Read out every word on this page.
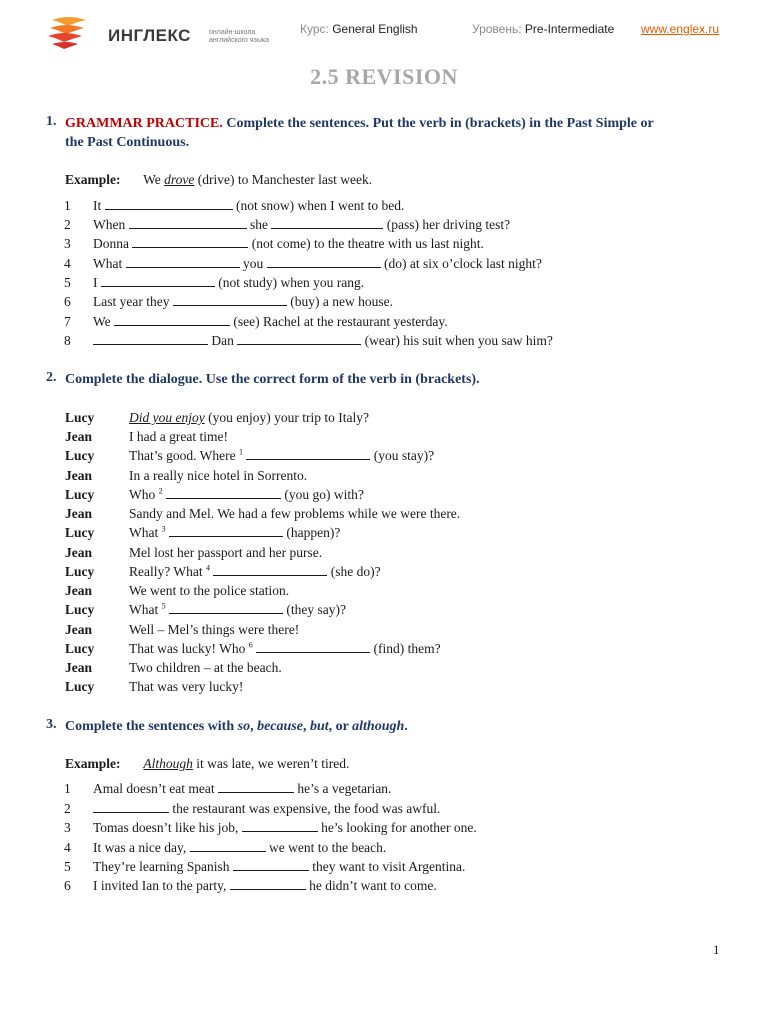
ИНГЛЕКС	онлайн-школа английского языка
Курс: General English	Уровень: Pre-Intermediate www.englex.ru
2.5 REVISION
1. GRAMMAR PRACTICE. Complete the sentences. Put the verb in (brackets) in the Past Simple or
the Past Continuous.
Example: We drove (drive) to Manchester last week.
1 It	(not snow) when I went to bed.
2 When	she	(pass) her driving test?
3 Donna	(not come) to the theatre with us last night.
4 What	you	(do) at six o’clock last night?
5 I	(not study) when you rang.
6 Last year they	(buy) a new house.
7 We	(see) Rachel at the restaurant yesterday.
8	Dan	(wear) his suit when you saw him?
2. Complete the dialogue. Use the correct form of the verb in (brackets).
Lucy	Did you enjoy (you enjoy) your trip to Italy?
Jean	I had a great time!
Lucy	That’s good. Where $^1$	(you stay)?
Jean	In a really nice hotel in Sorrento.
Lucy	Who $^2$	(you go) with?
Jean	Sandy and Mel. We had a few problems while we were there.
Lucy	What $^3$	(happen)?
Jean	Mel lost her passport and her purse.
Lucy	Really? What $^4$	(she do)?
Jean	We went to the police station.
Lucy	What $^5$	(they say)?
Jean	Well – Mel’s things were there!
Lucy	That was lucky! Who $^6$	(find) them?
Jean	Two children – at the beach.
Lucy	That was very lucky!
3. Complete the sentences with so, because, but, or although.
Example: Although it was late, we weren’t tired.
1 Amal doesn’t eat meat	he’s a vegetarian.
2	the restaurant was expensive, the food was awful.
3 Tomas doesn’t like his job,	he’s looking for another one.
4 It was a nice day,	we went to the beach.
5 They’re learning Spanish	they want to visit Argentina.
6 I invited Ian to the party,	he didn’t want to come.
1
